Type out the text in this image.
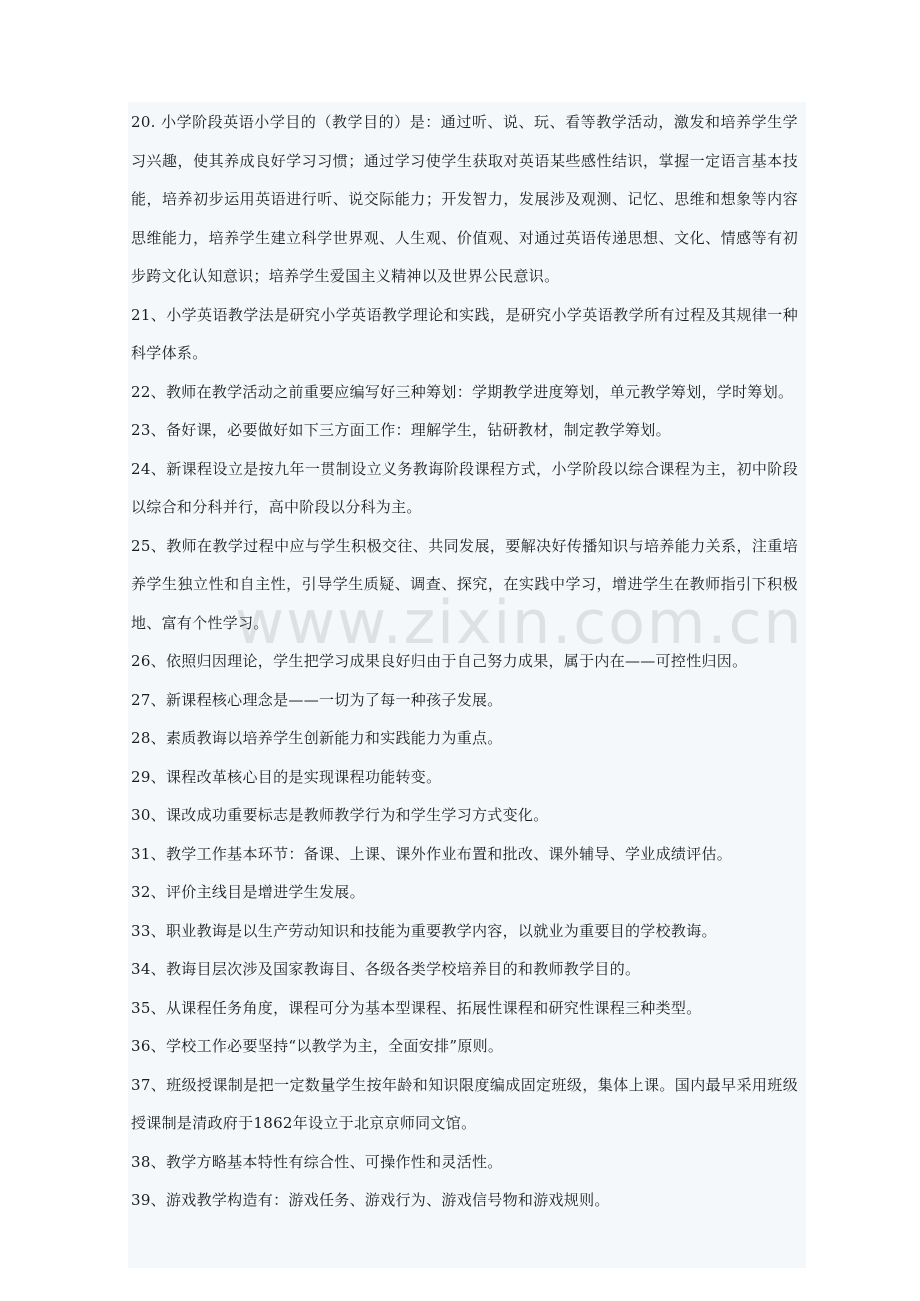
20. 小学阶段英语小学目的（教学目的）是：通过听、说、玩、看等教学活动，激发和培养学生学习兴趣，使其养成良好学习习惯；通过学习使学生获取对英语某些感性结识，掌握一定语言基本技能，培养初步运用英语进行听、说交际能力；开发智力，发展涉及观测、记忆、思维和想象等内容思维能力，培养学生建立科学世界观、人生观、价值观、对通过英语传递思想、文化、情感等有初步跨文化认知意识；培养学生爱国主义精神以及世界公民意识。
21、小学英语教学法是研究小学英语教学理论和实践，是研究小学英语教学所有过程及其规律一种科学体系。
22、教师在教学活动之前重要应编写好三种筹划：学期教学进度筹划，单元教学筹划，学时筹划。
23、备好课，必要做好如下三方面工作：理解学生，钻研教材，制定教学筹划。
24、新课程设立是按九年一贯制设立义务教诲阶段课程方式，小学阶段以综合课程为主，初中阶段以综合和分科并行，高中阶段以分科为主。
25、教师在教学过程中应与学生积极交往、共同发展，要解决好传播知识与培养能力关系，注重培养学生独立性和自主性，引导学生质疑、调查、探究，在实践中学习，增进学生在教师指引下积极地、富有个性学习。
26、依照归因理论，学生把学习成果良好归由于自己努力成果，属于内在——可控性归因。
27、新课程核心理念是——一切为了每一种孩子发展。
28、素质教诲以培养学生创新能力和实践能力为重点。
29、课程改革核心目的是实现课程功能转变。
30、课改成功重要标志是教师教学行为和学生学习方式变化。
31、教学工作基本环节：备课、上课、课外作业布置和批改、课外辅导、学业成绩评估。
32、评价主线目是增进学生发展。
33、职业教诲是以生产劳动知识和技能为重要教学内容，以就业为重要目的学校教诲。
34、教诲目层次涉及国家教诲目、各级各类学校培养目的和教师教学目的。
35、从课程任务角度，课程可分为基本型课程、拓展性课程和研究性课程三种类型。
36、学校工作必要坚持“以教学为主，全面安排”原则。
37、班级授课制是把一定数量学生按年龄和知识限度编成固定班级，集体上课。国内最早采用班级授课制是清政府于1862年设立于北京京师同文馆。
38、教学方略基本特性有综合性、可操作性和灵活性。
39、游戏教学构造有：游戏任务、游戏行为、游戏信号物和游戏规则。
